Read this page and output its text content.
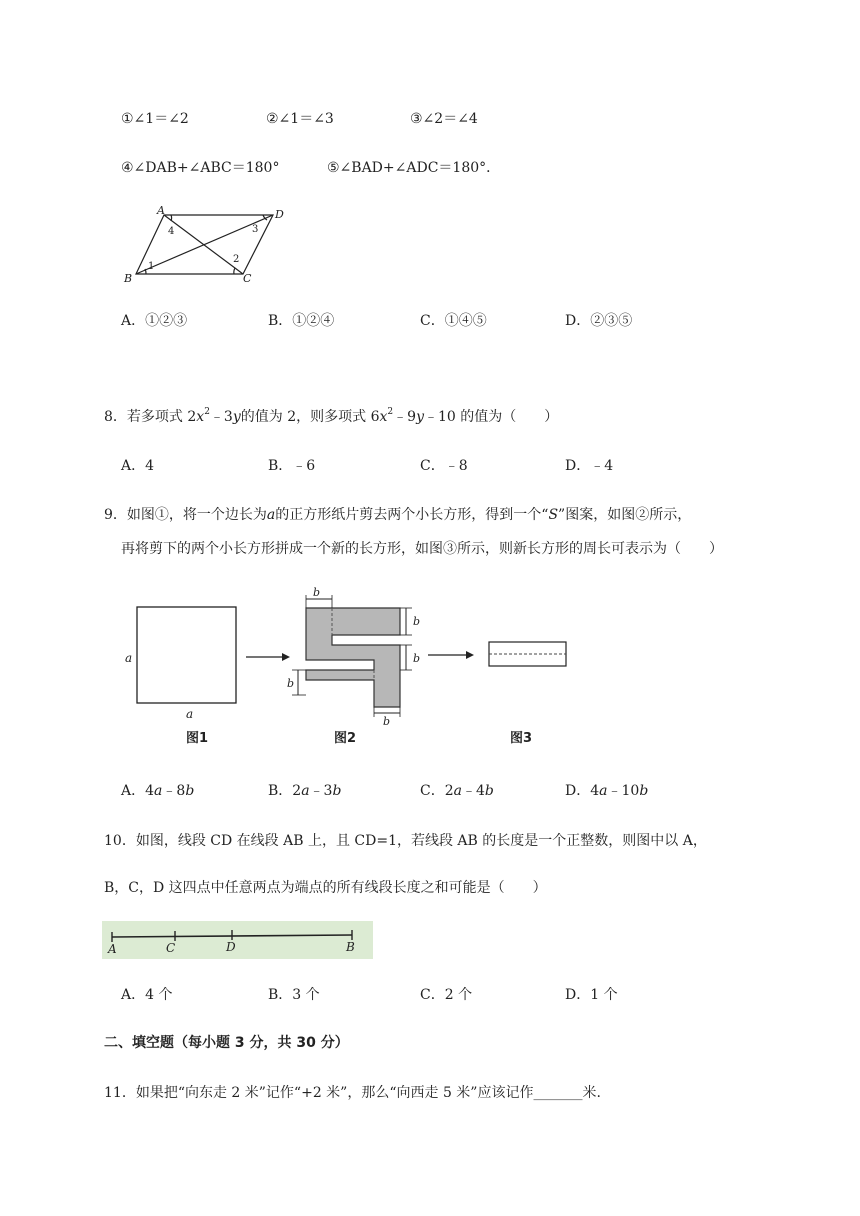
①∠1＝∠2	②∠1＝∠3	③∠2＝∠4
④∠DAB+∠ABC＝180°	⑤∠BAD+∠ADC＝180°．
A	D
B	C
1
2
3
4
A．①②③	B．①②④	C．①④⑤	D．②③⑤
8．若多项式 $2x^2﹣3y$的值为 2，则多项式 $6x^2﹣9y﹣10$ 的值为（　　）
A．4	B．﹣6	C．﹣8	D．﹣4
9．如图①，将一个边长为a的正方形纸片剪去两个小长方形，得到一个“S”图案，如图②所示，
再将剪下的两个小长方形拼成一个新的长方形，如图③所示，则新长方形的周长可表示为（　　）
a
a
b
b
b
b
b
图1	图2	图3
A．4a﹣8b	B．2a﹣3b	C．2a﹣4b	D．4a﹣10b
10．如图，线段 CD 在线段 AB 上，且 CD=1，若线段 AB 的长度是一个正整数，则图中以 A，
B，C，D 这四点中任意两点为端点的所有线段长度之和可能是（　　）
A	C	D	B
A．4 个	B．3 个	C．2 个	D．1 个
二、填空题（每小题 3 分，共 30 分）
11．如果把“向东走 2 米”记作“+2 米”，那么“向西走 5 米”应该记作_______米.
